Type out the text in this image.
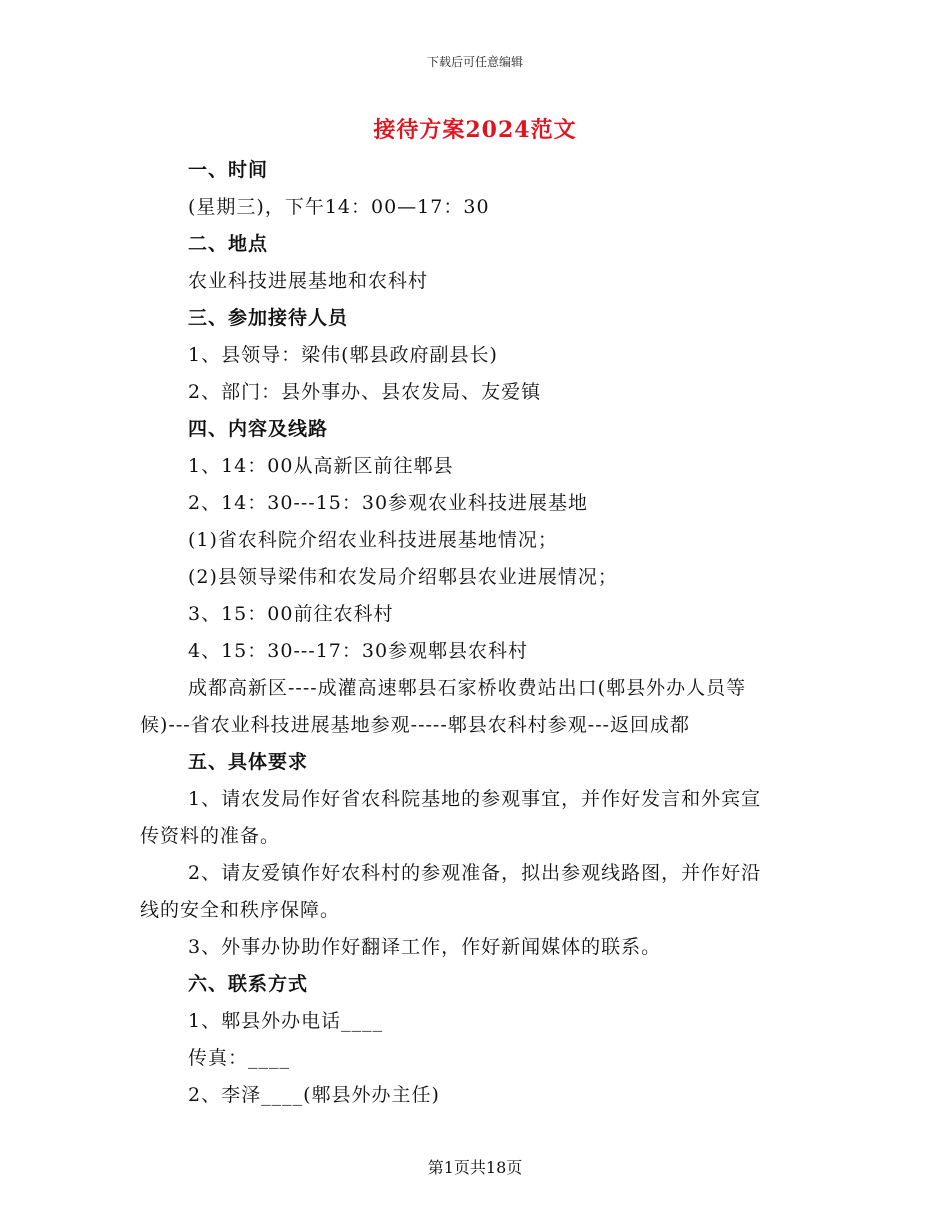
下载后可任意编辑
接待方案2024范文
一、时间
(星期三)，下午14：00—17：30
二、地点
农业科技进展基地和农科村
三、参加接待人员
1、县领导：梁伟(郫县政府副县长)
2、部门：县外事办、县农发局、友爱镇
四、内容及线路
1、14：00从高新区前往郫县
2、14：30---15：30参观农业科技进展基地
(1)省农科院介绍农业科技进展基地情况；
(2)县领导梁伟和农发局介绍郫县农业进展情况；
3、15：00前往农科村
4、15：30---17：30参观郫县农科村
成都高新区----成灌高速郫县石家桥收费站出口(郫县外办人员等
候)---省农业科技进展基地参观-----郫县农科村参观---返回成都
五、具体要求
1、请农发局作好省农科院基地的参观事宜，并作好发言和外宾宣
传资料的准备。
2、请友爱镇作好农科村的参观准备，拟出参观线路图，并作好沿
线的安全和秩序保障。
3、外事办协助作好翻译工作，作好新闻媒体的联系。
六、联系方式
1、郫县外办电话____
传真：____
2、李泽____(郫县外办主任)
第1页共18页
